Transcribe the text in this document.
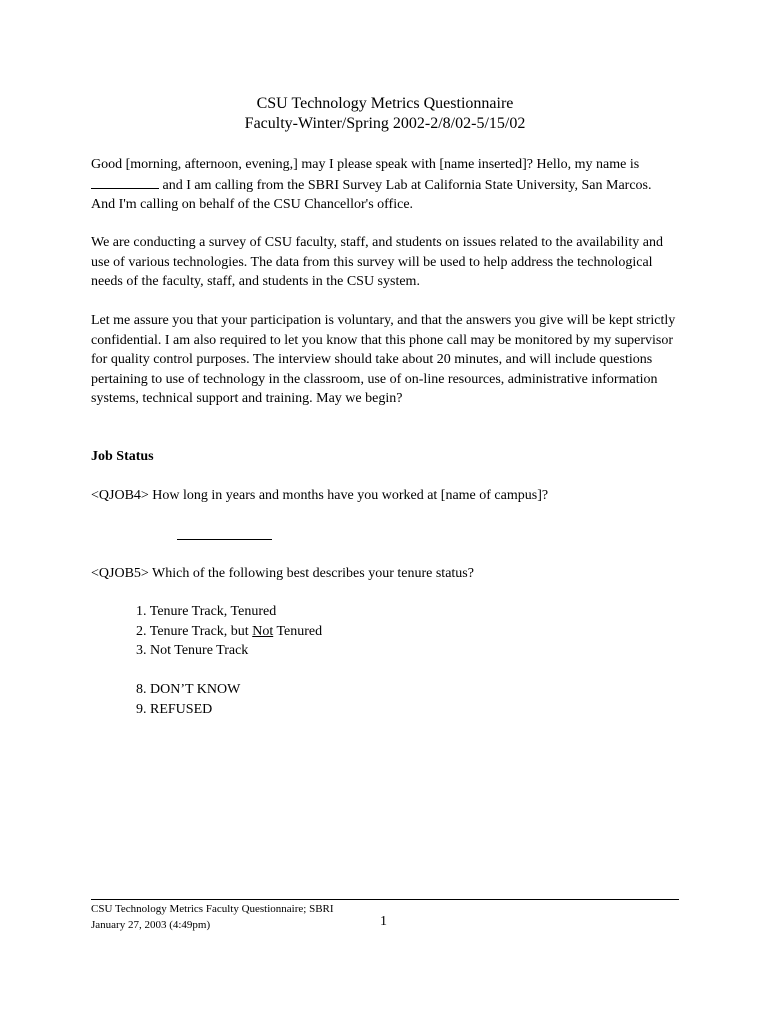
CSU Technology Metrics Questionnaire
Faculty-Winter/Spring 2002-2/8/02-5/15/02
Good [morning, afternoon, evening,] may I please speak with [name inserted]? Hello, my name is
and I am calling from the SBRI Survey Lab at California State University, San Marcos.
And I'm calling on behalf of the CSU Chancellor's office.
We are conducting a survey of CSU faculty, staff, and students on issues related to the availability and
use of various technologies. The data from this survey will be used to help address the technological
needs of the faculty, staff, and students in the CSU system.
Let me assure you that your participation is voluntary, and that the answers you give will be kept strictly
confidential. I am also required to let you know that this phone call may be monitored by my supervisor
for quality control purposes. The interview should take about 20 minutes, and will include questions
pertaining to use of technology in the classroom, use of on-line resources, administrative information
systems, technical support and training. May we begin?
Job Status
<QJOB4> How long in years and months have you worked at [name of campus]?
<QJOB5> Which of the following best describes your tenure status?
1. Tenure Track, Tenured
2. Tenure Track, but Not Tenured
3. Not Tenure Track
8. DON’T KNOW
9. REFUSED
CSU Technology Metrics Faculty Questionnaire; SBRI
January 27, 2003 (4:49pm)	1
